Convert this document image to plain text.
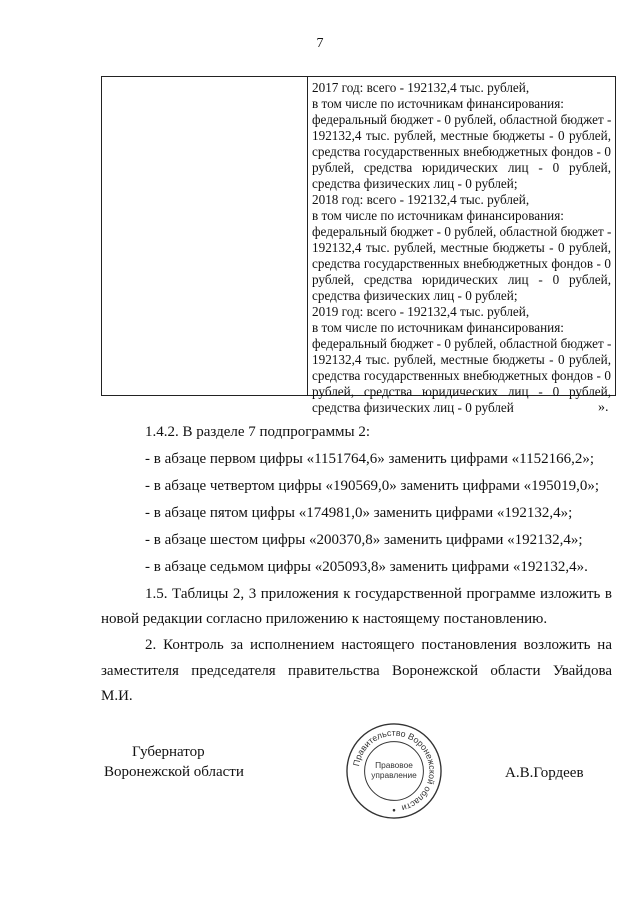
7
2017 год: всего - 192132,4 тыс. рублей,
в том числе по источникам финансирования:
федеральный бюджет - 0 рублей, областной бюджет -
192132,4 тыс. рублей, местные бюджеты - 0 рублей,
средства государственных внебюджетных фондов - 0
рублей, средства юридических лиц - 0 рублей,
средства физических лиц - 0 рублей;
2018 год: всего - 192132,4 тыс. рублей,
в том числе по источникам финансирования:
федеральный бюджет - 0 рублей, областной бюджет -
192132,4 тыс. рублей, местные бюджеты - 0 рублей,
средства государственных внебюджетных фондов - 0
рублей, средства юридических лиц - 0 рублей,
средства физических лиц - 0 рублей;
2019 год: всего - 192132,4 тыс. рублей,
в том числе по источникам финансирования:
федеральный бюджет - 0 рублей, областной бюджет -
192132,4 тыс. рублей, местные бюджеты - 0 рублей,
средства государственных внебюджетных фондов - 0
рублей, средства юридических лиц - 0 рублей,
средства физических лиц - 0 рублей	».
1.4.2. В разделе 7 подпрограммы 2:
- в абзаце первом цифры «1151764,6» заменить цифрами «1152166,2»;
- в абзаце четвертом цифры «190569,0» заменить цифрами «195019,0»;
- в абзаце пятом цифры «174981,0» заменить цифрами «192132,4»;
- в абзаце шестом цифры «200370,8» заменить цифрами «192132,4»;
- в абзаце седьмом цифры «205093,8» заменить цифрами «192132,4».
1.5. Таблицы 2, 3 приложения к государственной программе изложить в
новой редакции согласно приложению к настоящему постановлению.
2. Контроль за исполнением настоящего постановления возложить на
заместителя председателя правительства Воронежской области Увайдова
М.И.
Губернатор
Воронежской области
Правительство Воронежской области
Правовое
управление	А.В.Гордеев
